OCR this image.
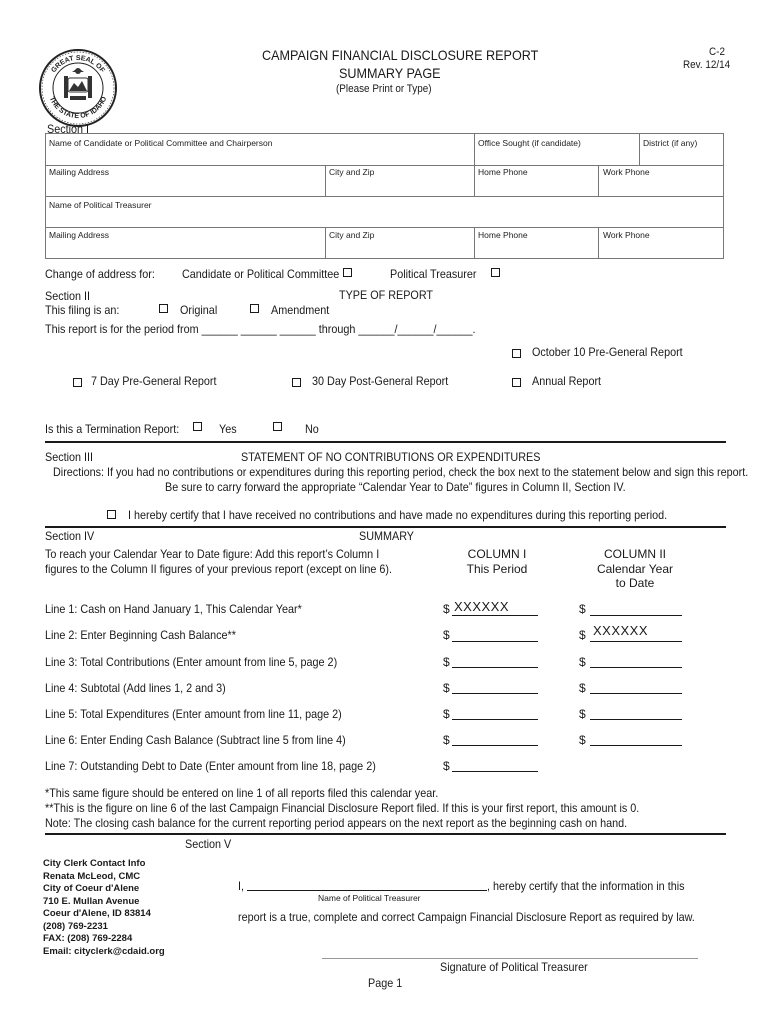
GREAT SEAL OF
THE STATE OF IDAHO
CAMPAIGN FINANCIAL DISCLOSURE REPORT
SUMMARY PAGE
(Please Print or Type)
C-2
Rev. 12/14
Section I
Name of Candidate or Political Committee and Chairperson	Office Sought (if candidate)	District (if any)
Mailing Address	City and Zip	Home Phone	Work Phone
Name of Political Treasurer
Mailing Address	City and Zip	Home Phone	Work Phone
Change of address for: Candidate or Political Committee	Political Treasurer
Section II	TYPE OF REPORT
This filing is an:	Original	Amendment
This report is for the period from ______ ______ ______ through ______/______/______.
October 10 Pre-General Report
7 Day Pre-General Report	30 Day Post-General Report	Annual Report
Is this a Termination Report:	Yes	No
Section III	STATEMENT OF NO CONTRIBUTIONS OR EXPENDITURES
Directions: If you had no contributions or expenditures during this reporting period, check the box next to the statement below and sign this report.
Be sure to carry forward the appropriate “Calendar Year to Date” figures in Column II, Section IV.
I hereby certify that I have received no contributions and have made no expenditures during this reporting period.
Section IV	SUMMARY
To reach your Calendar Year to Date figure: Add this report’s Column I
figures to the Column II figures of your previous report (except on line 6).
COLUMN I
This Period
COLUMN II
Calendar Year
to Date
Line 1: Cash on Hand January 1, This Calendar Year*	$ XXXXXX	$
Line 2: Enter Beginning Cash Balance**	$	$ XXXXXX
Line 3: Total Contributions (Enter amount from line 5, page 2)	$	$
Line 4: Subtotal (Add lines 1, 2 and 3)	$	$
Line 5: Total Expenditures (Enter amount from line 11, page 2)	$	$
Line 6: Enter Ending Cash Balance (Subtract line 5 from line 4)	$	$
Line 7: Outstanding Debt to Date (Enter amount from line 18, page 2)	$
*This same figure should be entered on line 1 of all reports filed this calendar year.
**This is the figure on line 6 of the last Campaign Financial Disclosure Report filed. If this is your first report, this amount is 0.
Note: The closing cash balance for the current reporting period appears on the next report as the beginning cash on hand.
Section V
City Clerk Contact Info
Renata McLeod, CMC
City of Coeur d'Alene
710 E. Mullan Avenue
Coeur d'Alene, ID 83814
(208) 769-2231
FAX: (208) 769-2284
Email: cityclerk@cdaid.org
I,	, hereby certify that the information in this
Name of Political Treasurer
report is a true, complete and correct Campaign Financial Disclosure Report as required by law.
Signature of Political Treasurer
Page 1
